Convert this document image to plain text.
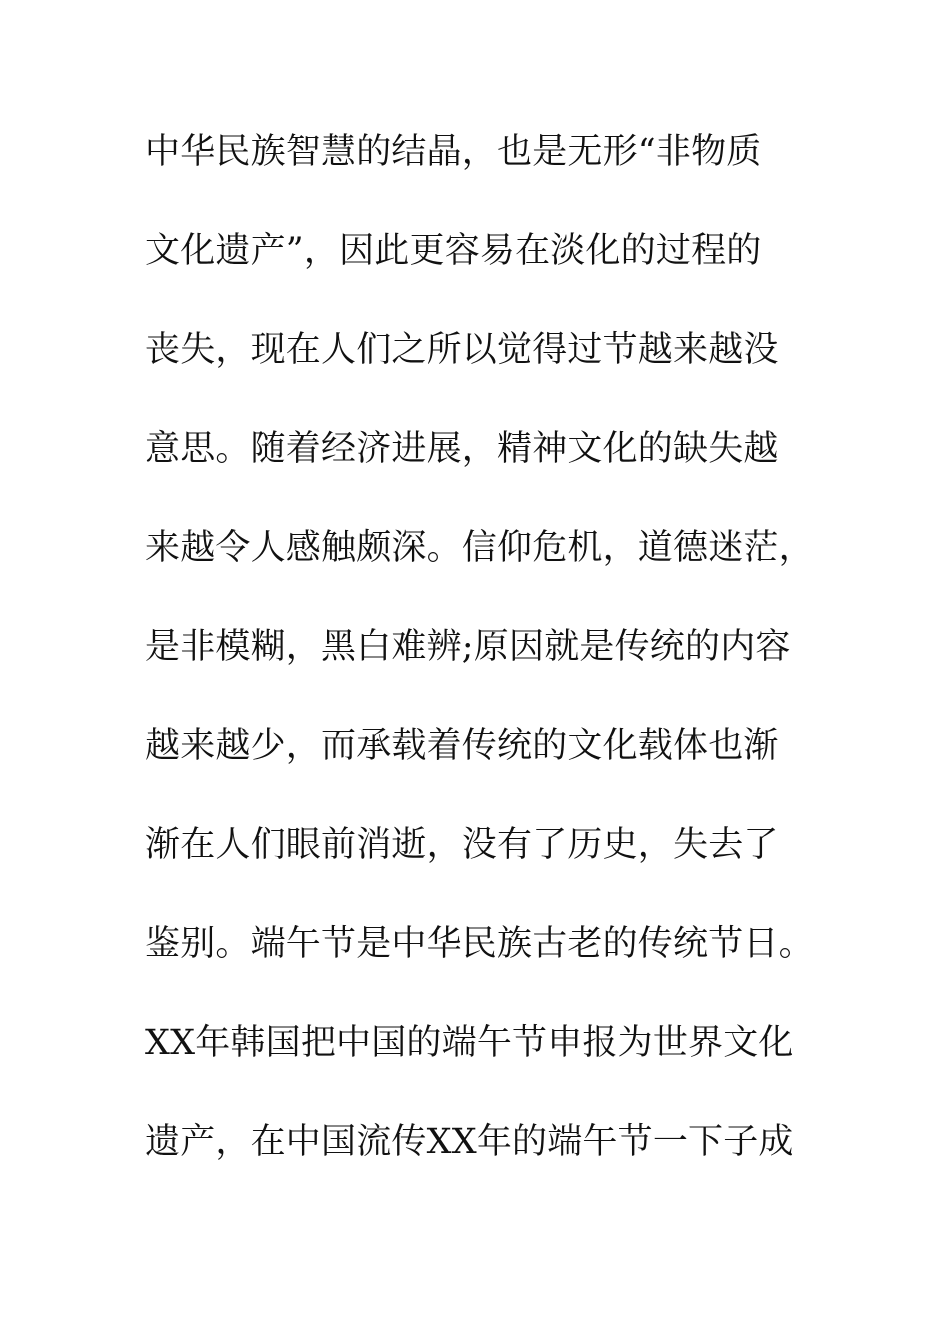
中华民族智慧的结晶，也是无形“非物质
文化遗产”，因此更容易在淡化的过程的
丧失，现在人们之所以觉得过节越来越没
意思。随着经济进展，精神文化的缺失越
来越令人感触颇深。信仰危机，道德迷茫，
是非模糊，黑白难辨;原因就是传统的内容
越来越少，而承载着传统的文化载体也渐
渐在人们眼前消逝，没有了历史，失去了
鉴别。端午节是中华民族古老的传统节日。
XX年韩国把中国的端午节申报为世界文化
遗产，在中国流传XX年的端午节一下子成
